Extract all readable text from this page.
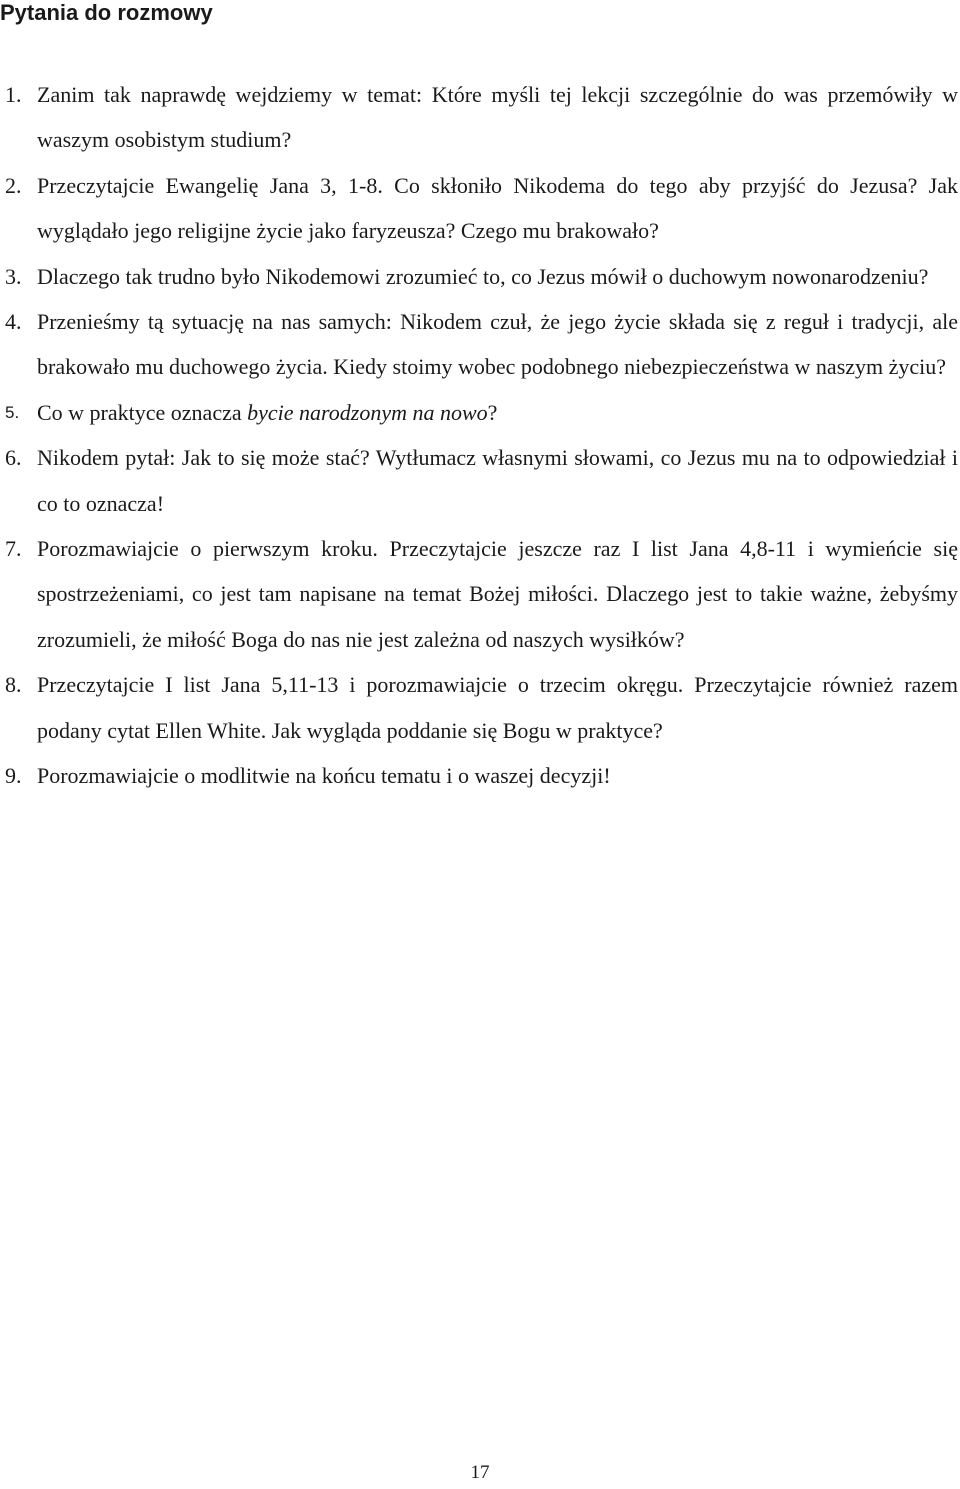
Pytania do rozmowy
1. Zanim tak naprawdę wejdziemy w temat: Które myśli tej lekcji szczególnie do was przemówiły w waszym osobistym studium?
2. Przeczytajcie Ewangelię Jana 3, 1-8. Co skłoniło Nikodema do tego aby przyjść do Jezusa? Jak wyglądało jego religijne życie jako faryzeusza? Czego mu brakowało?
3. Dlaczego tak trudno było Nikodemowi zrozumieć to, co Jezus mówił o duchowym nowonarodzeniu?
4. Przenieśmy tą sytuację na nas samych: Nikodem czuł, że jego życie składa się z reguł i tradycji, ale brakowało mu duchowego życia. Kiedy stoimy wobec podobnego niebezpieczeństwa w naszym życiu?
5. Co w praktyce oznacza bycie narodzonym na nowo?
6. Nikodem pytał: Jak to się może stać? Wytłumacz własnymi słowami, co Jezus mu na to odpowiedział i co to oznacza!
7. Porozmawiajcie o pierwszym kroku. Przeczytajcie jeszcze raz I list Jana 4,8-11 i wymieńcie się spostrzeżeniami, co jest tam napisane na temat Bożej miłości. Dlaczego jest to takie ważne, żebyśmy zrozumieli, że miłość Boga do nas nie jest zależna od naszych wysiłków?
8. Przeczytajcie I list Jana 5,11-13 i porozmawiajcie o trzecim okręgu. Przeczytajcie również razem podany cytat Ellen White. Jak wygląda poddanie się Bogu w praktyce?
9. Porozmawiajcie o modlitwie na końcu tematu i o waszej decyzji!
17
